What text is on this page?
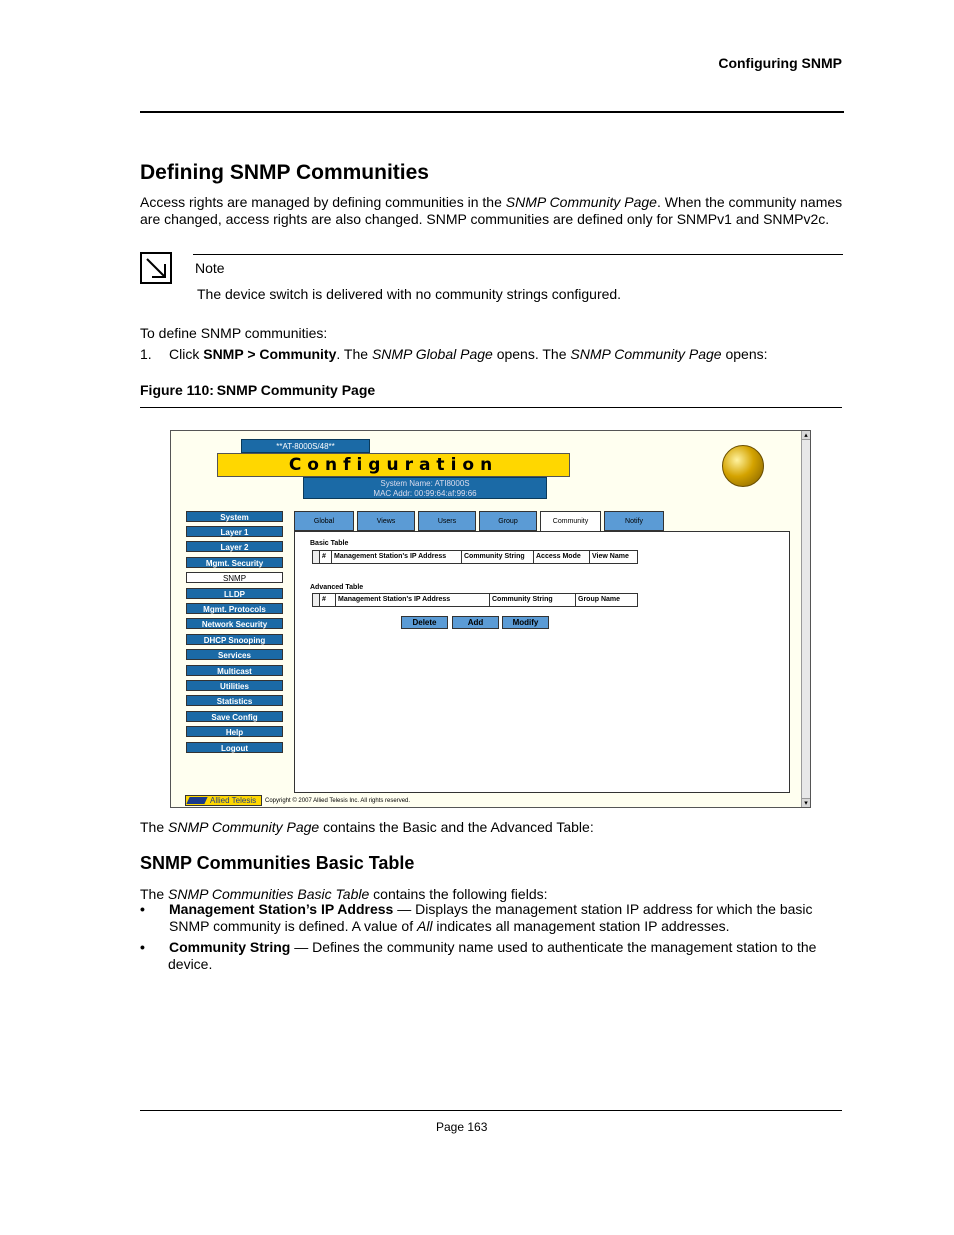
Configuring SNMP
Defining SNMP Communities
Access rights are managed by defining communities in the SNMP Community Page. When the community names
are changed, access rights are also changed. SNMP communities are defined only for SNMPv1 and SNMPv2c.
Note
The device switch is delivered with no community strings configured.
To define SNMP communities:
1. Click SNMP > Community. The SNMP Global Page opens. The SNMP Community Page opens:
Figure 110: SNMP Community Page
**AT-8000S/48**
Configuration
System Name: ATI8000S
MAC Addr: 00:99:64:af:99:66
System
Layer 1
Layer 2
Mgmt. Security
SNMP
LLDP
Mgmt. Protocols
Network Security
DHCP Snooping
Services
Multicast
Utilities
Statistics
Save Config
Help
Logout
Global	Views	Users	Group	Community	Notify
Basic Table
#	Management Station's IP Address	Community String	Access Mode	View Name
Advanced Table
#	Management Station's IP Address	Community String	Group Name
Delete	Add	Modify
Allied Telesis	Copyright © 2007 Allied Telesis Inc. All rights reserved.
▴
▾
The SNMP Community Page contains the Basic and the Advanced Table:
SNMP Communities Basic Table
The SNMP Communities Basic Table contains the following fields:
• Management Station’s IP Address — Displays the management station IP address for which the basic
SNMP community is defined. A value of All indicates all management station IP addresses.
• Community String — Defines the community name used to authenticate the management station to the
device.
Page 163
